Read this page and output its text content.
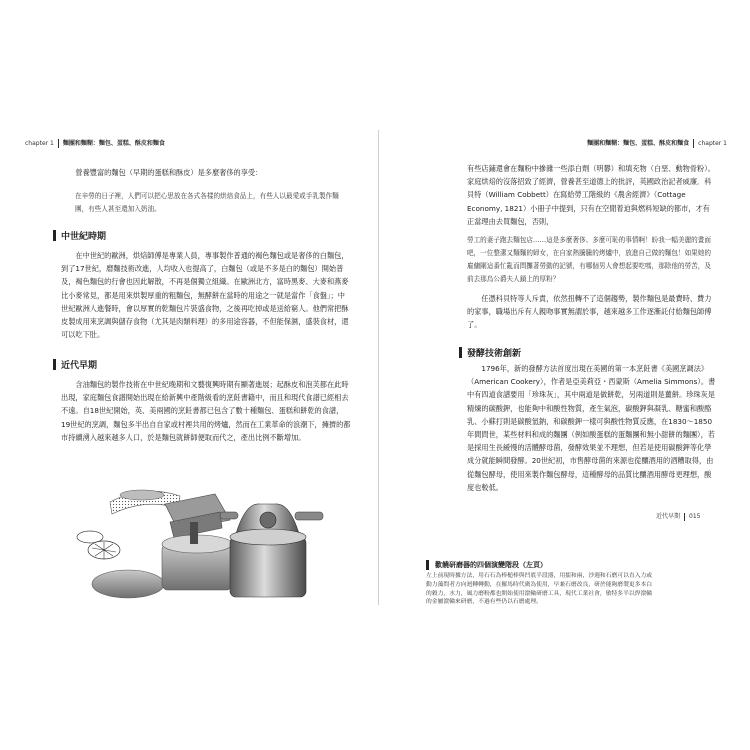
chapter 1 麵團和麵糊：麵包、蛋糕、酥皮和麵食

營養豐富的麵包（早期的蛋糕和酥皮）是多麼奢侈的享受：

在辛勞的日子裡，人們可以把心思放在各式各樣的烘焙食品上，有些人以最愛或手乳製作麵團，有些人甚至還加入奶油。

中世紀時期

在中世紀的歐洲，烘焙師傅是專業人員，專事製作普通的褐色麵包或是奢侈的白麵包，到了17世紀，磨麵技術改進，人均收入也提高了，白麵包（或是不多是白的麵包）開始普及，褐色麵包的行會也因此解散，不再是個獨立組織。在歐洲北方，富時黑麥、大麥和燕麥比小麥常見，都是用來烘製厚重的粗麵包，無酵餅在當時的用途之一就是當作「食盤」；中世紀歐洲人進餐時，會以厚實的乾麵包片裝盛食物，之後再吃掉或是送給窮人。他們常把酥皮製成用來烹調與儲存食物（尤其是肉類料理）的多用途容器，不但能保濕，盛裝食材，還可以吃下肚。

近代早期

含油麵包的製作技術在中世紀晚期和文藝復興時期有顯著進展；起酥皮和泡芙都在此時出現，家庭麵包食譜開始出現在給新興中產階級看的烹飪書籍中，而且和現代食譜已經相去不遠。自18世紀開始，英、美兩國的烹飪書都已包含了數十種麵包、蛋糕和餅乾的食譜，19世紀的烹調，麵包多半出自自家或村裡共用的烤爐，然而在工業革命的浪潮下，擁擠的都市持續湧入越來越多人口，於是麵包就餅師便取而代之，產出比例不斷增加。

麵團和麵糊：麵包、蛋糕、酥皮和麵食 chapter 1

有些店鋪還會在麵粉中摻雜一些添白劑（明礬）和填充物（白堊、動物骨粉）。家庭烘焙的沒落招致了經濟，營養甚至道德上的批評，英國政治記者威廉．科貝特（William Cobbett）在寫給勞工階級的《農舍經濟》（Cottage Economy, 1821）小冊子中提到，只有在空閒着迫與燃料短缺的都市，才有正當理由去買麵包，否則，

勞工的妻子跑去麵包店……這是多麼奢侈、多麼可恥的事情啊！盼我一幅美麗的畫面吧，一位整潔又麵麵的婦女，在自家熱騰騰的烤爐中，放進自己做的麵包！如果她的雇傭剛這番忙亂而問攤著勞動的記號，有哪個男人會想起要吃嗎，那除他的勞苦，及前去那烏公爵夫人鎖上的厚粉？

任憑科貝特等人斥責，依然扭轉不了這個趨勢，製作麵包是最費時、費力的家事，職場出斥有人親吻事實無謂於事，越來越多工作逐漸託付給麵包師傅了。

發酵技術創新

1796年，新的發酵方法首度出現在美國的第一本烹飪書《美國烹調法》（American Cookery），作者是亞美莉亞・西蒙斯（Amelia Simmons）。書中有四道食譜要用「珍珠灰」，其中兩道是做餅乾，另兩道則是薑餅。珍珠灰是精煉的碳酸鉀，也能夠中和酸性物質，產生氣泡，碳酸鉀與凝乳、糖蜜和酸酪乳、小蘇打則是碳酸氫鈉，和碳酸鉀一樣可與酸性物質反應，在1830～1850年間問世，某些材料和成的麵團（例如酸蛋糕的蛋麵團和無小甜餅的麵團），若是採用生長緩慢的活體酵母菌，發酵效果並不理想，但若是使用碳酸鉀等化學成分就能瞬間發酵。20世紀初，市售酵母菌的來源也從釀酒用的酒糟取得，由從麵包酵母，使用來製作麵包酵母，這種酵母的品質比釀酒用酵母更理想，酸度也較低。

近代早期 015

歡饒研磨器的四個演變階段（左頁）

左上前現時據方法，用石石為棒槌棒與凹底半段器，用擂和兩，沙週和石磨可以直入力或動力藻問者方向迴轉轉動，在羅馬時代廣為使用，早兼石磨改良，研於能夠磨製更多本白的穀力，水力，風力磨粉都也開始使用滾輪研磨工具，現代工業社會，敏特多半以焊滾輪的金屬滾輪來研磨，不過有些仍以石磨處理。
